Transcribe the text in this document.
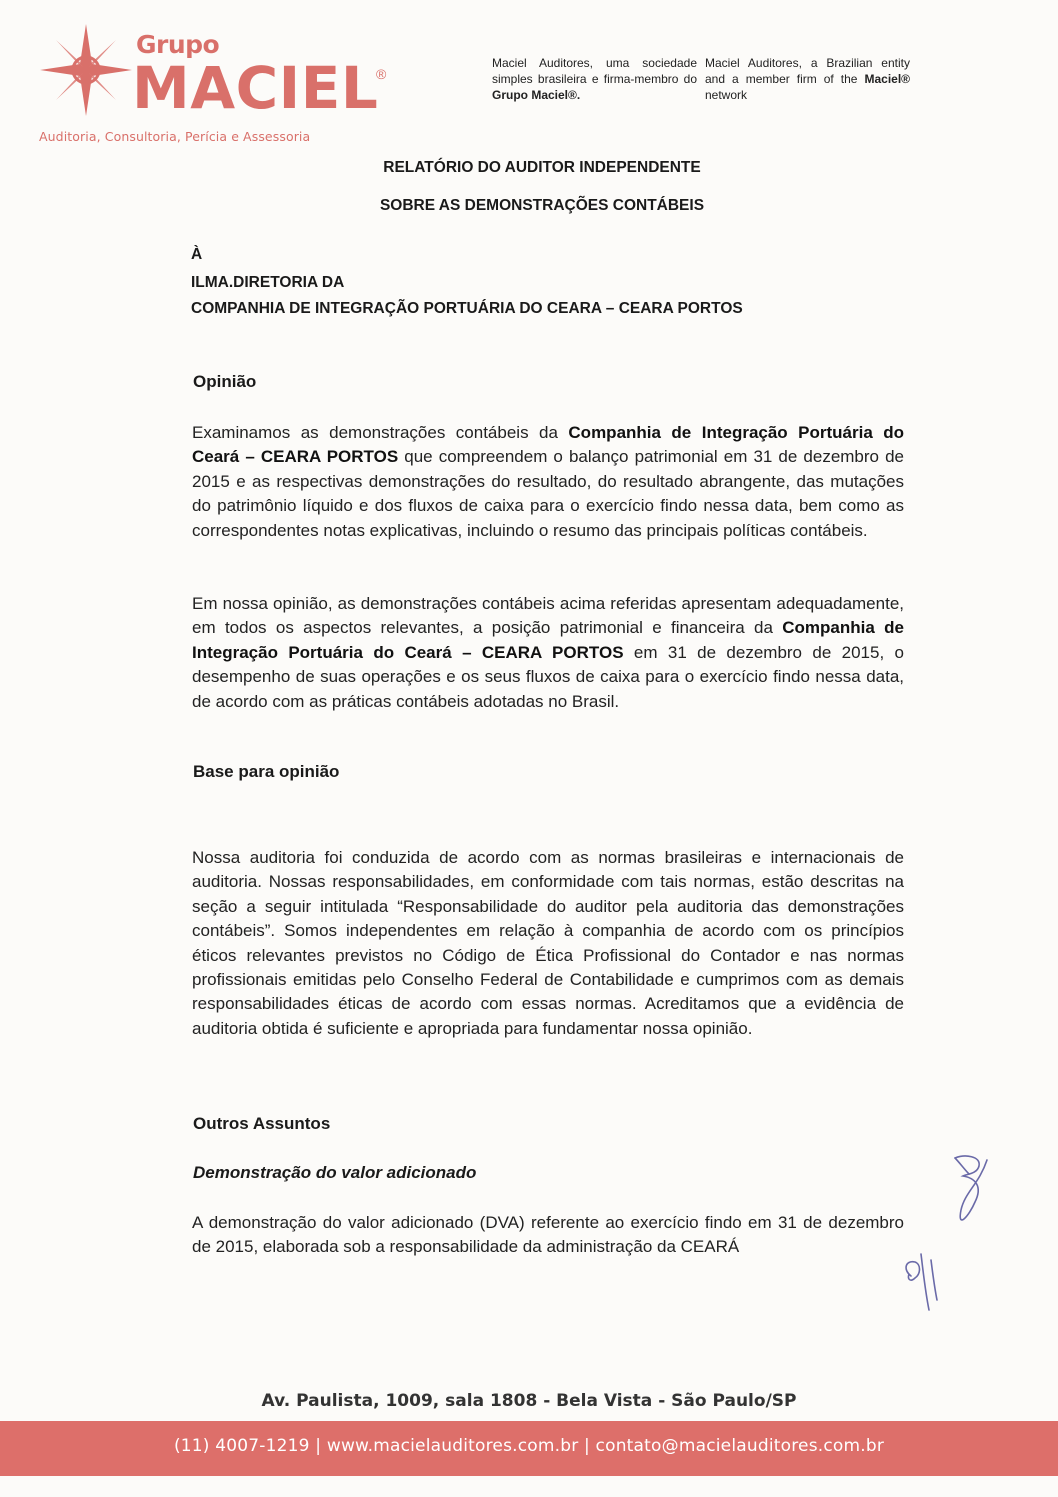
Grupo
MACIEL
®
Auditoria, Consultoria, Perícia e Assessoria
Maciel Auditores, uma sociedade simples brasileira e firma-membro do Grupo Maciel®.
Maciel Auditores, a Brazilian entity and a member firm of the Maciel® network
RELATÓRIO DO AUDITOR INDEPENDENTE
SOBRE AS DEMONSTRAÇÕES CONTÁBEIS
À
ILMA.DIRETORIA DA
COMPANHIA DE INTEGRAÇÃO PORTUÁRIA DO CEARA – CEARA PORTOS
Opinião
Examinamos as demonstrações contábeis da Companhia de Integração Portuária do Ceará – CEARA PORTOS que compreendem o balanço patrimonial em 31 de dezembro de 2015 e as respectivas demonstrações do resultado, do resultado abrangente, das mutações do patrimônio líquido e dos fluxos de caixa para o exercício findo nessa data, bem como as correspondentes notas explicativas, incluindo o resumo das principais políticas contábeis.
Em nossa opinião, as demonstrações contábeis acima referidas apresentam adequadamente, em todos os aspectos relevantes, a posição patrimonial e financeira da Companhia de Integração Portuária do Ceará – CEARA PORTOS em 31 de dezembro de 2015, o desempenho de suas operações e os seus fluxos de caixa para o exercício findo nessa data, de acordo com as práticas contábeis adotadas no Brasil.
Base para opinião
Nossa auditoria foi conduzida de acordo com as normas brasileiras e internacionais de auditoria. Nossas responsabilidades, em conformidade com tais normas, estão descritas na seção a seguir intitulada “Responsabilidade do auditor pela auditoria das demonstrações contábeis”. Somos independentes em relação à companhia de acordo com os princípios éticos relevantes previstos no Código de Ética Profissional do Contador e nas normas profissionais emitidas pelo Conselho Federal de Contabilidade e cumprimos com as demais responsabilidades éticas de acordo com essas normas. Acreditamos que a evidência de auditoria obtida é suficiente e apropriada para fundamentar nossa opinião.
Outros Assuntos
Demonstração do valor adicionado
A demonstração do valor adicionado (DVA) referente ao exercício findo em 31 de dezembro de 2015, elaborada sob a responsabilidade da administração da CEARÁ
Av. Paulista, 1009, sala 1808 - Bela Vista - São Paulo/SP
(11) 4007-1219 | www.macielauditores.com.br | contato@macielauditores.com.br
